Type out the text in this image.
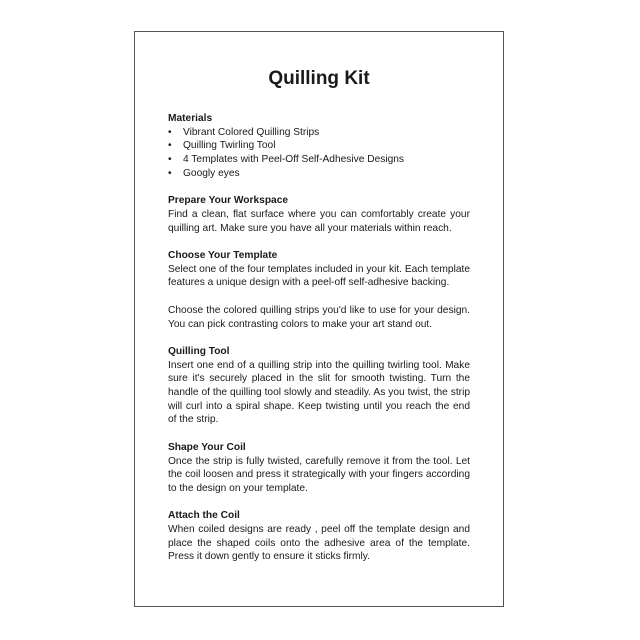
Quilling Kit

Materials

• Vibrant Colored Quilling Strips
• Quilling Twirling Tool
• 4 Templates with Peel-Off Self-Adhesive Designs
• Googly eyes

Prepare Your Workspace

Find a clean, flat surface where you can comfortably create your quilling art. Make sure you have all your materials within reach.

Choose Your Template

Select one of the four templates included in your kit. Each template features a unique design with a peel-off self-adhesive backing.

Choose the colored quilling strips you'd like to use for your design. You can pick contrasting colors to make your art stand out.

Quilling Tool

Insert one end of a quilling strip into the quilling twirling tool. Make sure it's securely placed in the slit for smooth twisting. Turn the handle of the quilling tool slowly and steadily. As you twist, the strip will curl into a spiral shape. Keep twisting until you reach the end of the strip.

Shape Your Coil

Once the strip is fully twisted, carefully remove it from the tool. Let the coil loosen and press it strategically with your fingers according to the design on your template.

Attach the Coil

When coiled designs are ready , peel off the template design and place the shaped coils onto the adhesive area of the template. Press it down gently to ensure it sticks firmly.
